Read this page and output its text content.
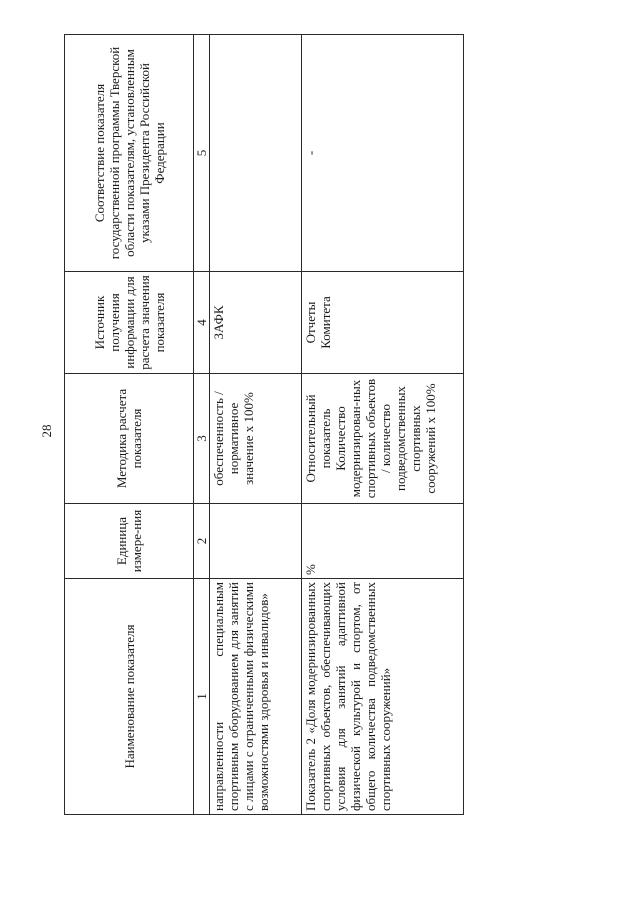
28
Наименование показателя	Единица измере-ния	Методика расчета показателя	Источник получения информации для расчета значения показателя	Соответствие показателя государственной программы Тверской области показателям, установленным указами Президента Российской Федерации
1	2	3	4	5
направленности специальным спортивным оборудованием для занятий с лицами с ограниченными физическими возможностями здоровья и инвалидов»		обеспеченность / нормативное значение х 100%	ЗАФК	
Показатель 2 «Доля модернизированных спортивных объектов, обеспечивающих условия для занятий адаптивной физической культурой и спортом, от общего количества подведомственных спортивных сооружений»	%	Относительный показатель Количество модернизирован-ных спортивных объектов / количество подведомственных спортивных сооружений х 100%	Отчеты Комитета	-
